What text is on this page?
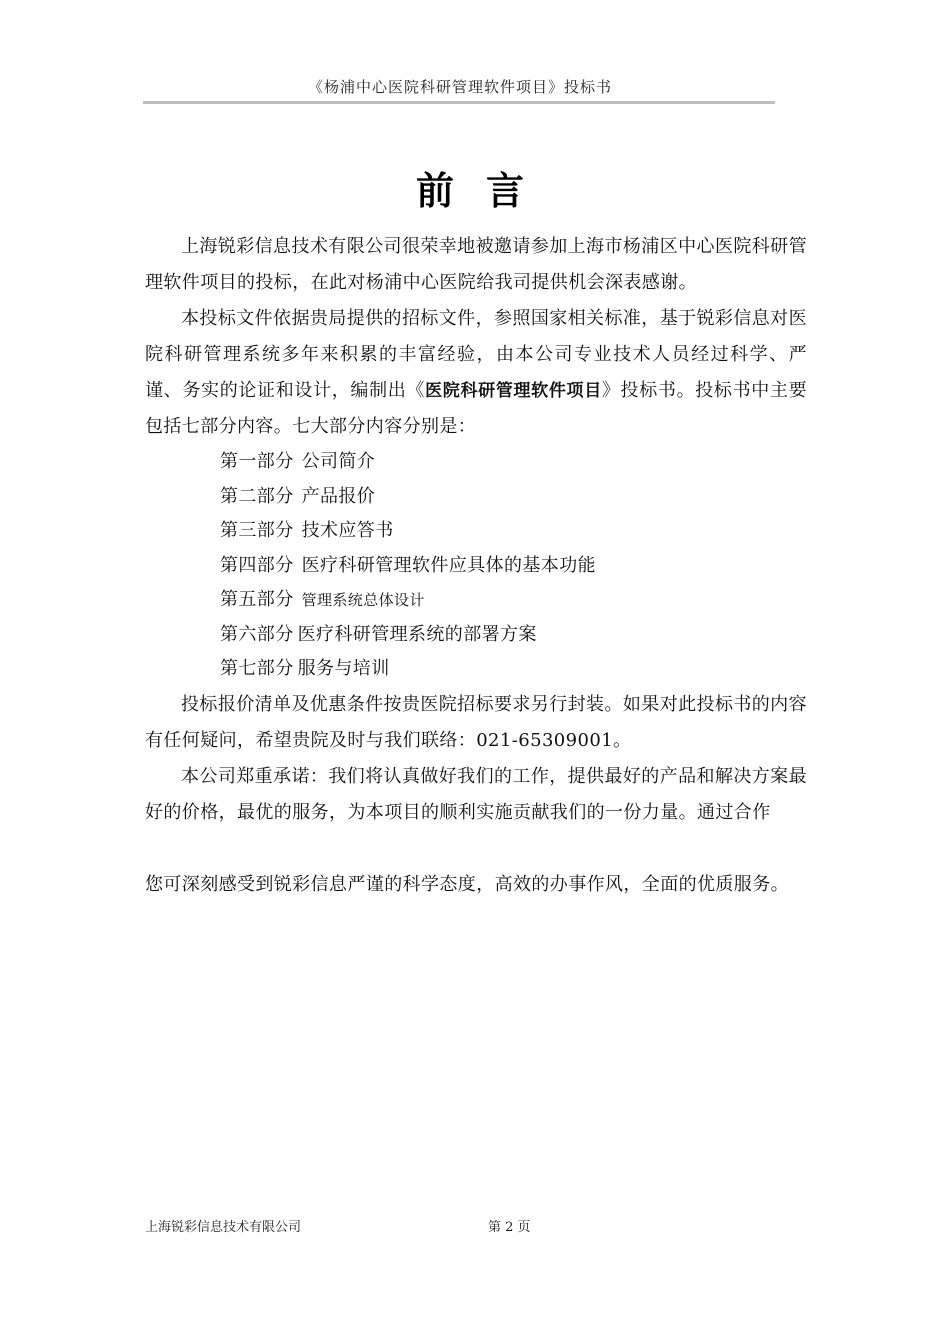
《杨浦中心医院科研管理软件项目》投标书
前 言

上海锐彩信息技术有限公司很荣幸地被邀请参加上海市杨浦区中心医院科研管理软件项目的投标，在此对杨浦中心医院给我司提供机会深表感谢。

本投标文件依据贵局提供的招标文件，参照国家相关标准，基于锐彩信息对医院科研管理系统多年来积累的丰富经验，由本公司专业技术人员经过科学、严谨、务实的论证和设计，编制出《医院科研管理软件项目》投标书。投标书中主要包括七部分内容。七大部分内容分别是：

第一部分 公司简介
第二部分 产品报价
第三部分 技术应答书
第四部分 医疗科研管理软件应具体的基本功能
第五部分 管理系统总体设计
第六部分 医疗科研管理系统的部署方案
第七部分 服务与培训

投标报价清单及优惠条件按贵医院招标要求另行封装。如果对此投标书的内容有任何疑问，希望贵院及时与我们联络：021-65309001。

本公司郑重承诺：我们将认真做好我们的工作，提供最好的产品和解决方案最好的价格，最优的服务，为本项目的顺利实施贡献我们的一份力量。通过合作

您可深刻感受到锐彩信息严谨的科学态度，高效的办事作风，全面的优质服务。

上海锐彩信息技术有限公司	第 2 页
